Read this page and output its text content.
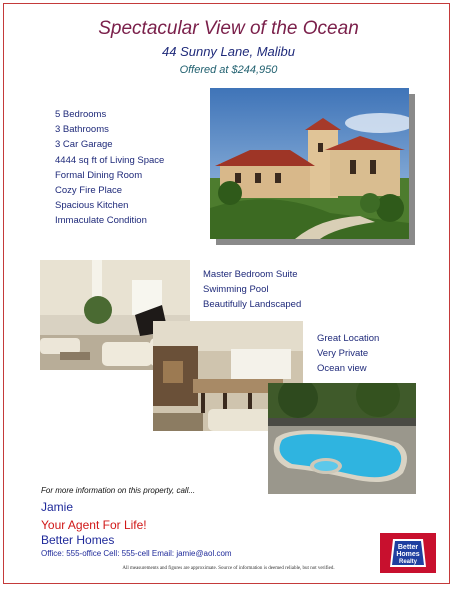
Spectacular View of the Ocean
44 Sunny Lane, Malibu
Offered at $244,950
5 Bedrooms
3 Bathrooms
3 Car Garage
4444 sq ft of Living Space
Formal Dining Room
Cozy Fire Place
Spacious Kitchen
Immaculate Condition
Master Bedroom Suite
Swimming Pool
Beautifully Landscaped
Great Location
Very Private
Ocean view
For more information on this property, call...
Jamie
Your Agent For Life!
Better Homes
Office: 555-office Cell: 555-cell Email: jamie@aol.com
All measurements and figures are approximate. Source of information is deemed reliable, but not verified.
Better
Homes
Realty
